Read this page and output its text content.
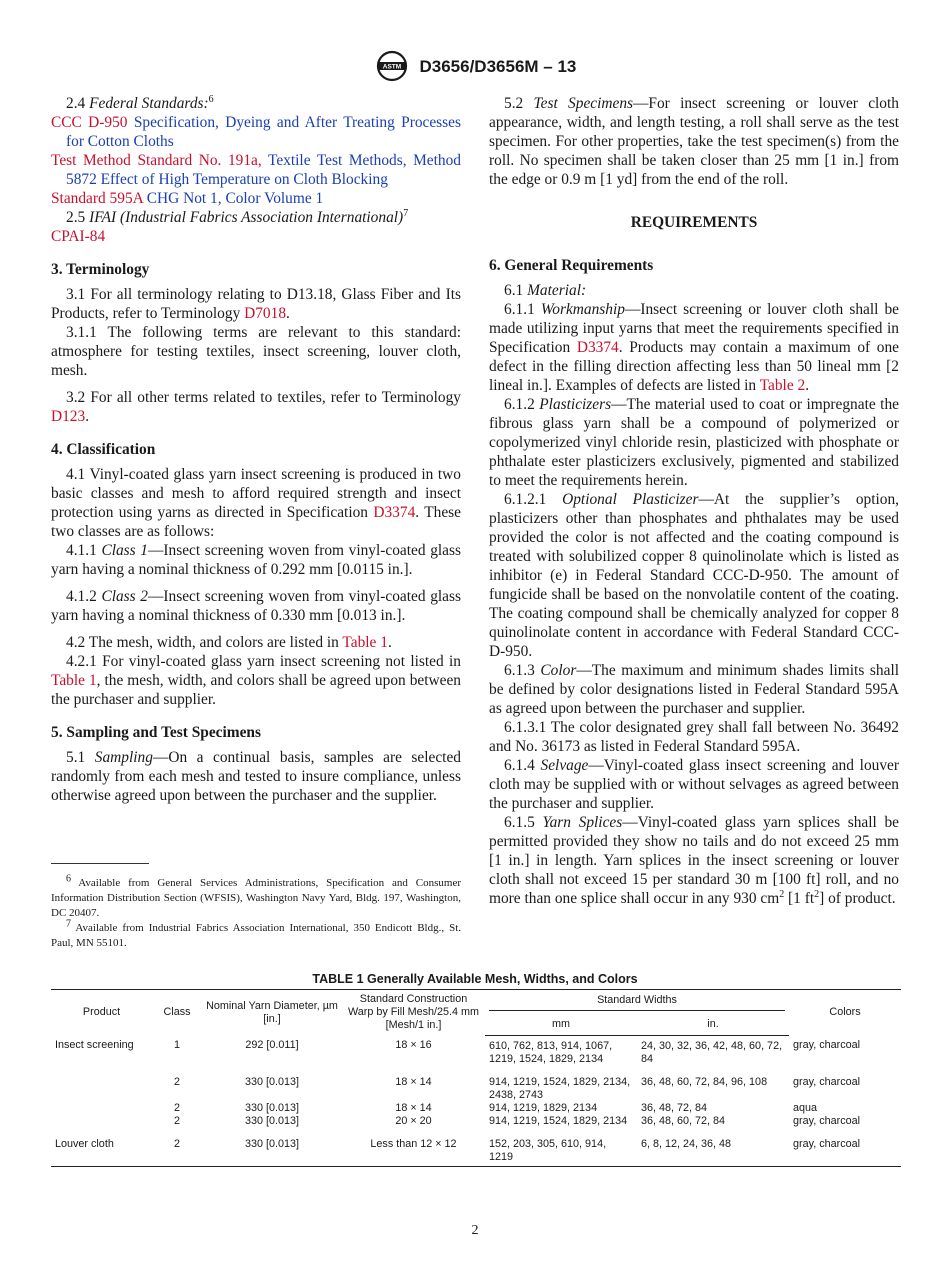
ASTM D3656/D3656M – 13

2.4 Federal Standards:$^6$

CCC D-950 Specification, Dyeing and After Treating Processes for Cotton Cloths

Test Method Standard No. 191a, Textile Test Methods, Method 5872 Effect of High Temperature on Cloth Blocking

Standard 595A CHG Not 1, Color Volume 1

2.5 IFAI (Industrial Fabrics Association International)$^7$

CPAI-84

3. Terminology

3.1 For all terminology relating to D13.18, Glass Fiber and Its Products, refer to Terminology D7018.

3.1.1 The following terms are relevant to this standard: atmosphere for testing textiles, insect screening, louver cloth, mesh.

3.2 For all other terms related to textiles, refer to Terminology D123.

4. Classification

4.1 Vinyl-coated glass yarn insect screening is produced in two basic classes and mesh to afford required strength and insect protection using yarns as directed in Specification D3374. These two classes are as follows:

4.1.1 Class 1—Insect screening woven from vinyl-coated glass yarn having a nominal thickness of 0.292 mm [0.0115 in.].

4.1.2 Class 2—Insect screening woven from vinyl-coated glass yarn having a nominal thickness of 0.330 mm [0.013 in.].

4.2 The mesh, width, and colors are listed in Table 1.

4.2.1 For vinyl-coated glass yarn insect screening not listed in Table 1, the mesh, width, and colors shall be agreed upon between the purchaser and supplier.

5. Sampling and Test Specimens

5.1 Sampling—On a continual basis, samples are selected randomly from each mesh and tested to insure compliance, unless otherwise agreed upon between the purchaser and the supplier.

$^6$ Available from General Services Administrations, Specification and Consumer Information Distribution Section (WFSIS), Washington Navy Yard, Bldg. 197, Washington, DC 20407.

$^7$ Available from Industrial Fabrics Association International, 350 Endicott Bldg., St. Paul, MN 55101.

5.2 Test Specimens—For insect screening or louver cloth appearance, width, and length testing, a roll shall serve as the test specimen. For other properties, take the test specimen(s) from the roll. No specimen shall be taken closer than 25 mm [1 in.] from the edge or 0.9 m [1 yd] from the end of the roll.

REQUIREMENTS

6. General Requirements

6.1 Material:

6.1.1 Workmanship—Insect screening or louver cloth shall be made utilizing input yarns that meet the requirements specified in Specification D3374. Products may contain a maximum of one defect in the filling direction affecting less than 50 lineal mm [2 lineal in.]. Examples of defects are listed in Table 2.

6.1.2 Plasticizers—The material used to coat or impregnate the fibrous glass yarn shall be a compound of polymerized or copolymerized vinyl chloride resin, plasticized with phosphate or phthalate ester plasticizers exclusively, pigmented and stabilized to meet the requirements herein.

6.1.2.1 Optional Plasticizer—At the supplier’s option, plasticizers other than phosphates and phthalates may be used provided the color is not affected and the coating compound is treated with solubilized copper 8 quinolinolate which is listed as inhibitor (e) in Federal Standard CCC-D-950. The amount of fungicide shall be based on the nonvolatile content of the coating. The coating compound shall be chemically analyzed for copper 8 quinolinolate content in accordance with Federal Standard CCC-D-950.

6.1.3 Color—The maximum and minimum shades limits shall be defined by color designations listed in Federal Standard 595A as agreed upon between the purchaser and supplier.

6.1.3.1 The color designated grey shall fall between No. 36492 and No. 36173 as listed in Federal Standard 595A.

6.1.4 Selvage—Vinyl-coated glass insect screening and louver cloth may be supplied with or without selvages as agreed between the purchaser and supplier.

6.1.5 Yarn Splices—Vinyl-coated glass yarn splices shall be permitted provided they show no tails and do not exceed 25 mm [1 in.] in length. Yarn splices in the insect screening or louver cloth shall not exceed 15 per standard 30 m [100 ft] roll, and no more than one splice shall occur in any 930 $cm^2$ [1 $ft^2$] of product.

TABLE 1 Generally Available Mesh, Widths, and Colors
Product	Class	Nominal Yarn Diameter, µm [in.]	Standard Construction Warp by Fill Mesh/25.4 mm [Mesh/1 in.]	Standard Widths		Colors
				mm	in.	
Insect screening	1	292 [0.011]	18 × 16	610, 762, 813, 914, 1067, 1219, 1524, 1829, 2134	24, 30, 32, 36, 42, 48, 60, 72, 84	gray, charcoal
	2	330 [0.013]	18 × 14	914, 1219, 1524, 1829, 2134, 2438, 2743	36, 48, 60, 72, 84, 96, 108	gray, charcoal
	2	330 [0.013]	18 × 14	914, 1219, 1829, 2134	36, 48, 72, 84	aqua
	2	330 [0.013]	20 × 20	914, 1219, 1524, 1829, 2134	36, 48, 60, 72, 84	gray, charcoal
Louver cloth	2	330 [0.013]	Less than 12 × 12	152, 203, 305, 610, 914, 1219	6, 8, 12, 24, 36, 48	gray, charcoal
2
